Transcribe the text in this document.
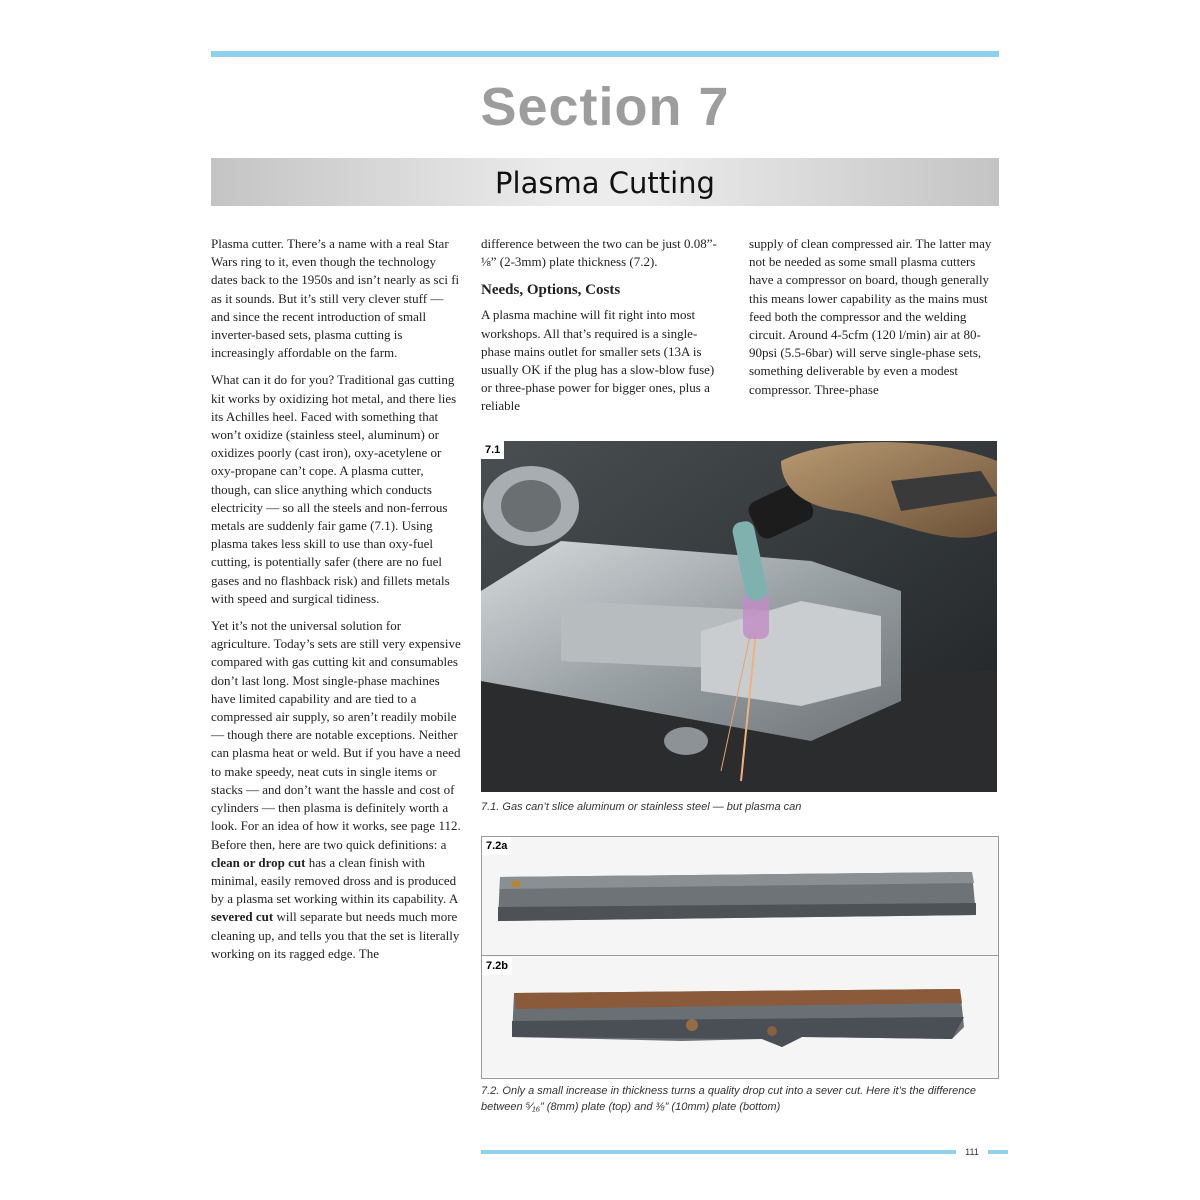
Section 7
Plasma Cutting

Plasma cutter. There’s a name with a real Star Wars ring to it, even though the technology dates back to the 1950s and isn’t nearly as sci fi as it sounds. But it’s still very clever stuff — and since the recent introduction of small inverter-based sets, plasma cutting is increasingly affordable on the farm.

What can it do for you? Traditional gas cutting kit works by oxidizing hot metal, and there lies its Achilles heel. Faced with something that won’t oxidize (stainless steel, aluminum) or oxidizes poorly (cast iron), oxy-acetylene or oxy-propane can’t cope. A plasma cutter, though, can slice anything which conducts electricity — so all the steels and non-ferrous metals are suddenly fair game (7.1). Using plasma takes less skill to use than oxy-fuel cutting, is potentially safer (there are no fuel gases and no flashback risk) and fillets metals with speed and surgical tidiness.

Yet it’s not the universal solution for agriculture. Today’s sets are still very expensive compared with gas cutting kit and consumables don’t last long. Most single-phase machines have limited capability and are tied to a compressed air supply, so aren’t readily mobile — though there are notable exceptions. Neither can plasma heat or weld. But if you have a need to make speedy, neat cuts in single items or stacks — and don’t want the hassle and cost of cylinders — then plasma is definitely worth a look. For an idea of how it works, see page 112. Before then, here are two quick definitions: a clean or drop cut has a clean finish with minimal, easily removed dross and is produced by a plasma set working within its capability. A severed cut will separate but needs much more cleaning up, and tells you that the set is literally working on its ragged edge. The

difference between the two can be just 0.08”-⅛” (2-3mm) plate thickness (7.2).

Needs, Options, Costs

A plasma machine will fit right into most workshops. All that’s required is a single-phase mains outlet for smaller sets (13A is usually OK if the plug has a slow-blow fuse) or three-phase power for bigger ones, plus a reliable

supply of clean compressed air. The latter may not be needed as some small plasma cutters have a compressor on board, though generally this means lower capability as the mains must feed both the compressor and the welding circuit. Around 4-5cfm (120 l/min) air at 80-90psi (5.5-6bar) will serve single-phase sets, something deliverable by even a modest compressor. Three-phase

7.1
7.1. Gas can’t slice aluminum or stainless steel — but plasma can
7.2a
7.2b
7.2. Only a small increase in thickness turns a quality drop cut into a sever cut. Here it’s the difference between ⁵⁄₁₆” (8mm) plate (top) and ⅜” (10mm) plate (bottom)
111
